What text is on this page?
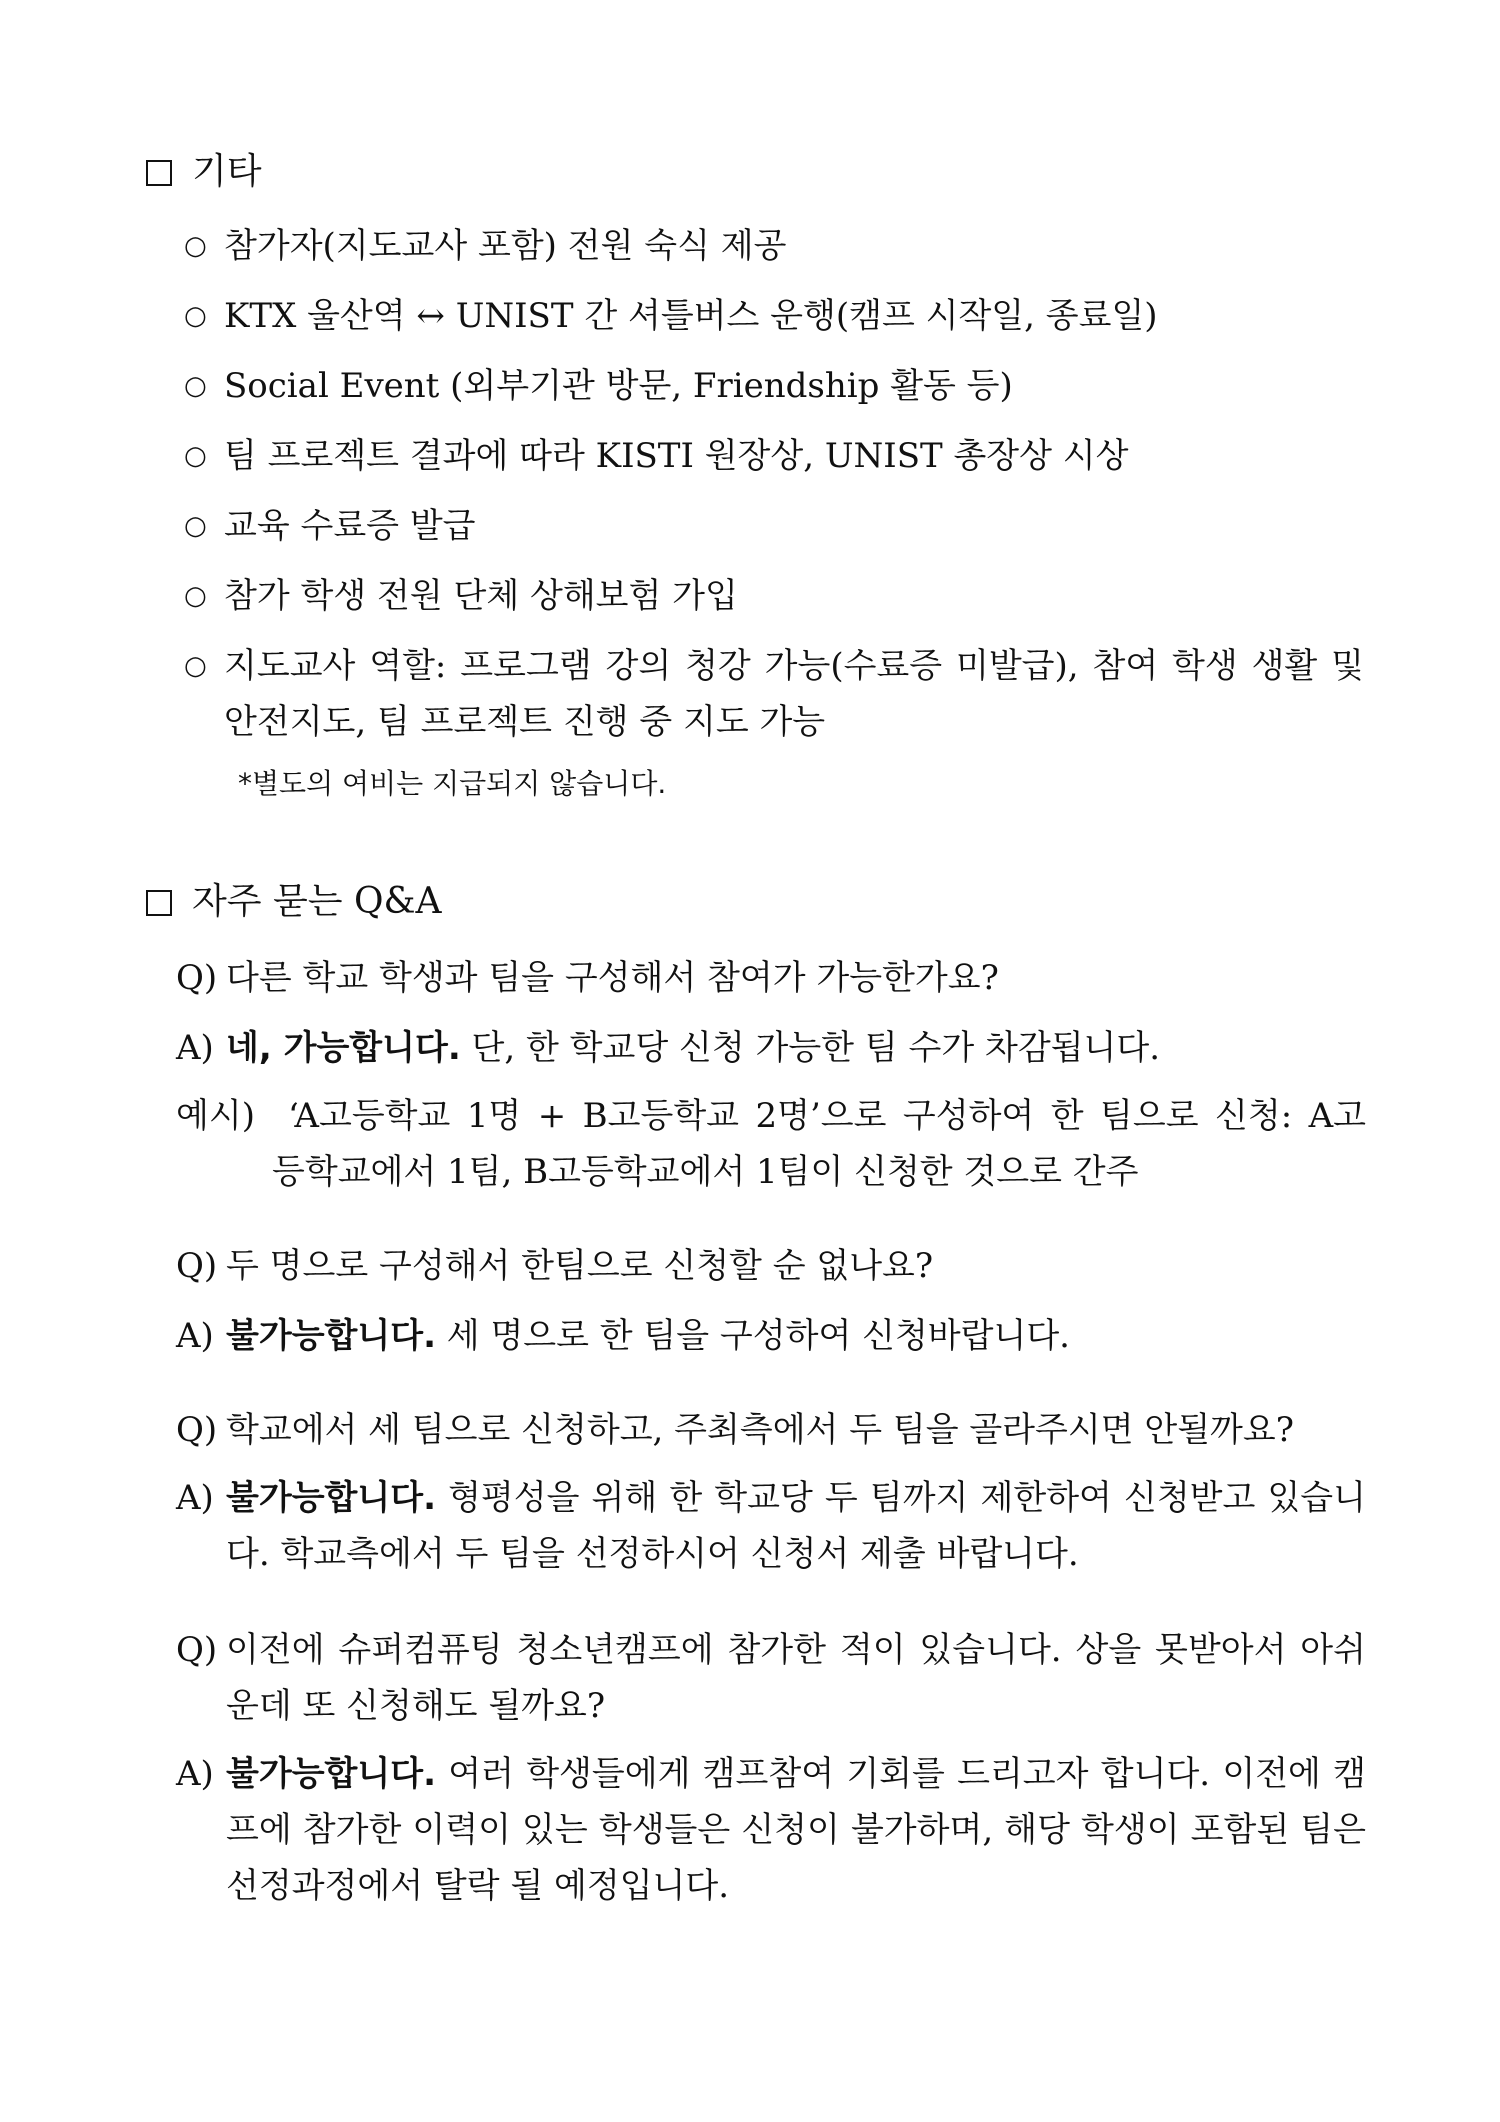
기타
○ 참가자(지도교사 포함) 전원 숙식 제공
○ KTX 울산역 ↔ UNIST 간 셔틀버스 운행(캠프 시작일, 종료일)
○ Social Event (외부기관 방문, Friendship 활동 등)
○ 팀 프로젝트 결과에 따라 KISTI 원장상, UNIST 총장상 시상
○ 교육 수료증 발급
○ 참가 학생 전원 단체 상해보험 가입
○ 지도교사 역할: 프로그램 강의 청강 가능(수료증 미발급), 참여 학생 생활 및 안전지도, 팀 프로젝트 진행 중 지도 가능
*별도의 여비는 지급되지 않습니다.
자주 묻는 Q&A
Q) 다른 학교 학생과 팀을 구성해서 참여가 가능한가요?
A) 네, 가능합니다. 단, 한 학교당 신청 가능한 팀 수가 차감됩니다.
예시) ‘A고등학교 1명 + B고등학교 2명’으로 구성하여 한 팀으로 신청: A고
등학교에서 1팀, B고등학교에서 1팀이 신청한 것으로 간주
Q) 두 명으로 구성해서 한팀으로 신청할 순 없나요?
A) 불가능합니다. 세 명으로 한 팀을 구성하여 신청바랍니다.
Q) 학교에서 세 팀으로 신청하고, 주최측에서 두 팀을 골라주시면 안될까요?
A) 불가능합니다. 형평성을 위해 한 학교당 두 팀까지 제한하여 신청받고 있습니다. 학교측에서 두 팀을 선정하시어 신청서 제출 바랍니다.
Q) 이전에 슈퍼컴퓨팅 청소년캠프에 참가한 적이 있습니다. 상을 못받아서 아쉬운데 또 신청해도 될까요?
A) 불가능합니다. 여러 학생들에게 캠프참여 기회를 드리고자 합니다. 이전에 캠프에 참가한 이력이 있는 학생들은 신청이 불가하며, 해당 학생이 포함된 팀은 선정과정에서 탈락 될 예정입니다.
